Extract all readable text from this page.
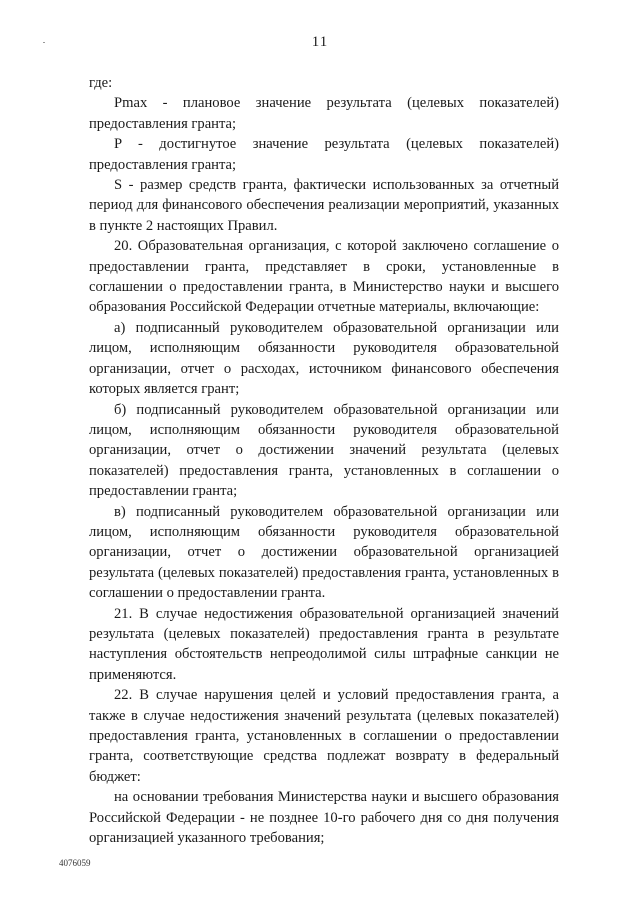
11

где:

Pmax - плановое значение результата (целевых показателей) предоставления гранта;

P - достигнутое значение результата (целевых показателей) предоставления гранта;

S - размер средств гранта, фактически использованных за отчетный период для финансового обеспечения реализации мероприятий, указанных в пункте 2 настоящих Правил.

20. Образовательная организация, с которой заключено соглашение о предоставлении гранта, представляет в сроки, установленные в соглашении о предоставлении гранта, в Министерство науки и высшего образования Российской Федерации отчетные материалы, включающие:

а) подписанный руководителем образовательной организации или лицом, исполняющим обязанности руководителя образовательной организации, отчет о расходах, источником финансового обеспечения которых является грант;

б) подписанный руководителем образовательной организации или лицом, исполняющим обязанности руководителя образовательной организации, отчет о достижении значений результата (целевых показателей) предоставления гранта, установленных в соглашении о предоставлении гранта;

в) подписанный руководителем образовательной организации или лицом, исполняющим обязанности руководителя образовательной организации, отчет о достижении образовательной организацией результата (целевых показателей) предоставления гранта, установленных в соглашении о предоставлении гранта.

21. В случае недостижения образовательной организацией значений результата (целевых показателей) предоставления гранта в результате наступления обстоятельств непреодолимой силы штрафные санкции не применяются.

22. В случае нарушения целей и условий предоставления гранта, а также в случае недостижения значений результата (целевых показателей) предоставления гранта, установленных в соглашении о предоставлении гранта, соответствующие средства подлежат возврату в федеральный бюджет:

на основании требования Министерства науки и высшего образования Российской Федерации - не позднее 10-го рабочего дня со дня получения организацией указанного требования;

4076059
